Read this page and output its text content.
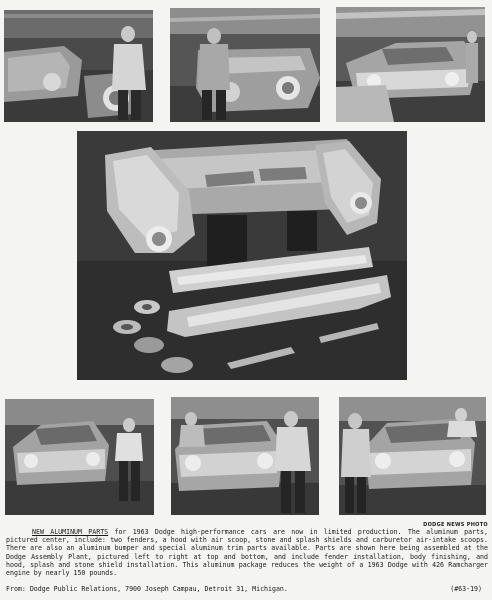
DODGE NEWS PHOTO

NEW ALUMINUM PARTS for 1963 Dodge high-performance cars are now in limited production. The aluminum parts, pictured center, include: two fenders, a hood with air scoop, stone and splash shields and carburetor air-intake scoops. There are also an aluminum bumper and special aluminum trim parts available. Parts are shown here being assembled at the Dodge Assembly Plant, pictured left to right at top and bottom, and include fender installation, body finishing, and hood, splash and stone shield installation. This aluminum package reduces the weight of a 1963 Dodge with 426 Ramcharger engine by nearly 150 pounds.

From: Dodge Public Relations, 7900 Joseph Campau, Detroit 31, Michigan.	(#63-19)
